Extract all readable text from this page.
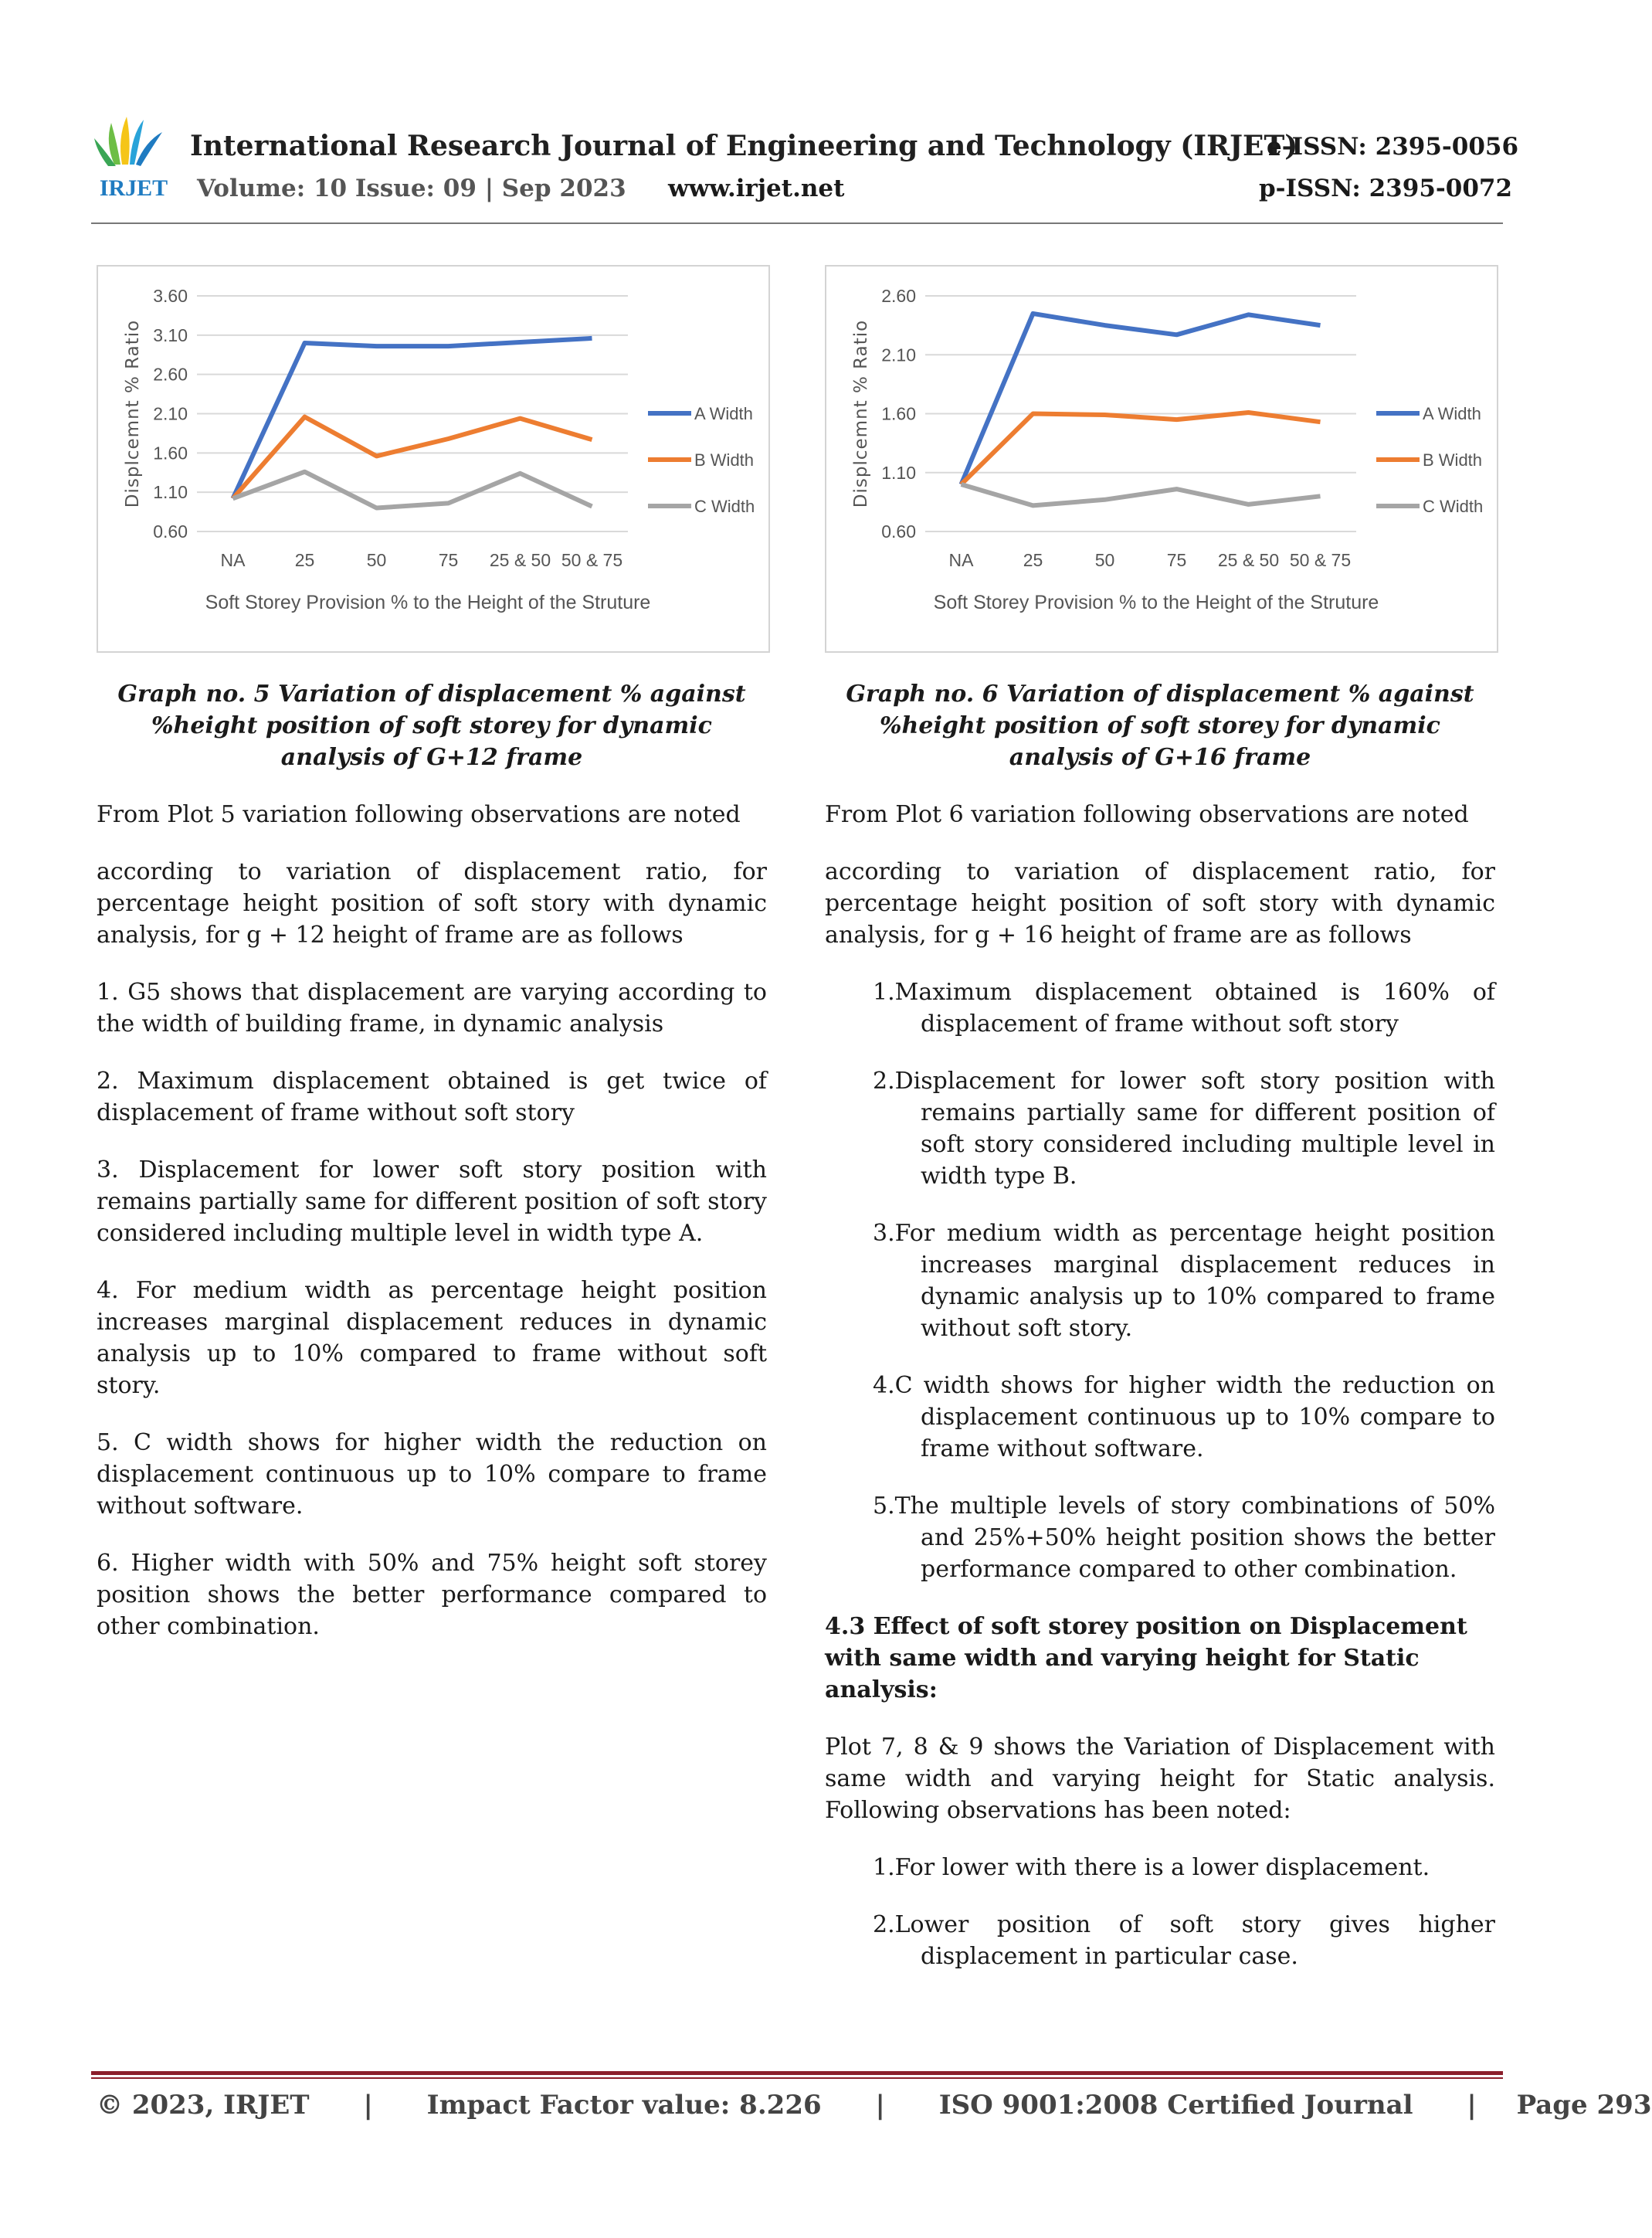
IRJET
International Research Journal of Engineering and Technology (IRJET)
e-ISSN: 2395-0056
Volume: 10 Issue: 09 | Sep 2023 www.irjet.net	p-ISSN: 2395-0072
3.60
3.10
2.60
2.10
1.60
1.10
0.60
NA	25	50	75 25 & 50 50 & 75
Soft Storey Provision % to the Height of the Struture
Displcemnt % Ratio	A Width
B Width
C Width
2.60
2.10
1.60
1.10
0.60
NA	25	50	75 25 & 50 50 & 75
Soft Storey Provision % to the Height of the Struture
Displcemnt % Ratio	A Width
B Width
C Width
Graph no. 5 Variation of displacement % against %height position of soft storey for dynamic analysis of G+12 frame
From Plot 5 variation following observations are noted
according to variation of displacement ratio, for percentage height position of soft story with dynamic analysis, for g + 12 height of frame are as follows
1. G5 shows that displacement are varying according to the width of building frame, in dynamic analysis
2. Maximum displacement obtained is get twice of displacement of frame without soft story
3. Displacement for lower soft story position with remains partially same for different position of soft story considered including multiple level in width type A.
4. For medium width as percentage height position increases marginal displacement reduces in dynamic analysis up to 10% compared to frame without soft story.
5. C width shows for higher width the reduction on displacement continuous up to 10% compare to frame without software.
6. Higher width with 50% and 75% height soft storey position shows the better performance compared to other combination.
Graph no. 6 Variation of displacement % against %height position of soft storey for dynamic analysis of G+16 frame
From Plot 6 variation following observations are noted
according to variation of displacement ratio, for percentage height position of soft story with dynamic analysis, for g + 16 height of frame are as follows
1.Maximum displacement obtained is 160% of displacement of frame without soft story
2.Displacement for lower soft story position with remains partially same for different position of soft story considered including multiple level in width type B.
3.For medium width as percentage height position increases marginal displacement reduces in dynamic analysis up to 10% compared to frame without soft story.
4.C width shows for higher width the reduction on displacement continuous up to 10% compare to frame without software.
5.The multiple levels of story combinations of 50% and 25%+50% height position shows the better performance compared to other combination.
4.3 Effect of soft storey position on Displacement with same width and varying height for Static analysis:
Plot 7, 8 & 9 shows the Variation of Displacement with same width and varying height for Static analysis. Following observations has been noted:
1.For lower with there is a lower displacement.
2.Lower position of soft story gives higher displacement in particular case.
© 2023, IRJET | Impact Factor value: 8.226 | ISO 9001:2008 Certified Journal | Page 293
